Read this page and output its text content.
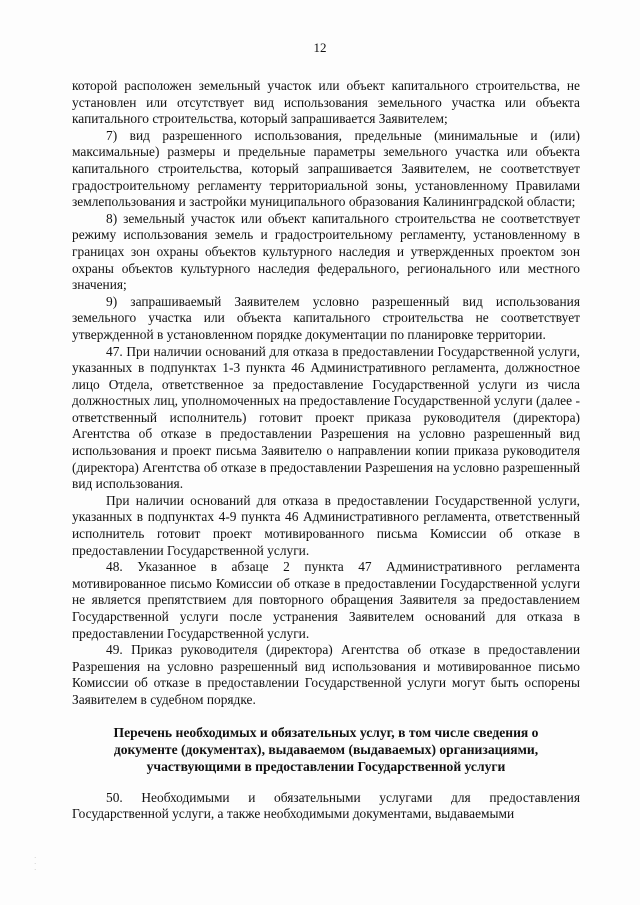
12

которой расположен земельный участок или объект капитального строительства, не установлен или отсутствует вид использования земельного участка или объекта капитального строительства, который запрашивается Заявителем;

7) вид разрешенного использования, предельные (минимальные и (или) максимальные) размеры и предельные параметры земельного участка или объекта капитального строительства, который запрашивается Заявителем, не соответствует градостроительному регламенту территориальной зоны, установленному Правилами землепользования и застройки муниципального образования Калининградской области;

8) земельный участок или объект капитального строительства не соответствует режиму использования земель и градостроительному регламенту, установленному в границах зон охраны объектов культурного наследия и утвержденных проектом зон охраны объектов культурного наследия федерального, регионального или местного значения;

9) запрашиваемый Заявителем условно разрешенный вид использования земельного участка или объекта капитального строительства не соответствует утвержденной в установленном порядке документации по планировке территории.

47. При наличии оснований для отказа в предоставлении Государственной услуги, указанных в подпунктах 1-3 пункта 46 Административного регламента, должностное лицо Отдела, ответственное за предоставление Государственной услуги из числа должностных лиц, уполномоченных на предоставление Государственной услуги (далее - ответственный исполнитель) готовит проект приказа руководителя (директора) Агентства об отказе в предоставлении Разрешения на условно разрешенный вид использования и проект письма Заявителю о направлении копии приказа руководителя (директора) Агентства об отказе в предоставлении Разрешения на условно разрешенный вид использования.

При наличии оснований для отказа в предоставлении Государственной услуги, указанных в подпунктах 4-9 пункта 46 Административного регламента, ответственный исполнитель готовит проект мотивированного письма Комиссии об отказе в предоставлении Государственной услуги.

48. Указанное в абзаце 2 пункта 47 Административного регламента мотивированное письмо Комиссии об отказе в предоставлении Государственной услуги не является препятствием для повторного обращения Заявителя за предоставлением Государственной услуги после устранения Заявителем оснований для отказа в предоставлении Государственной услуги.

49. Приказ руководителя (директора) Агентства об отказе в предоставлении Разрешения на условно разрешенный вид использования и мотивированное письмо Комиссии об отказе в предоставлении Государственной услуги могут быть оспорены Заявителем в судебном порядке.

Перечень необходимых и обязательных услуг, в том числе сведения о документе (документах), выдаваемом (выдаваемых) организациями, участвующими в предоставлении Государственной услуги

50. Необходимыми и обязательными услугами для предоставления Государственной услуги, а также необходимыми документами, выдаваемыми

·
·
·
